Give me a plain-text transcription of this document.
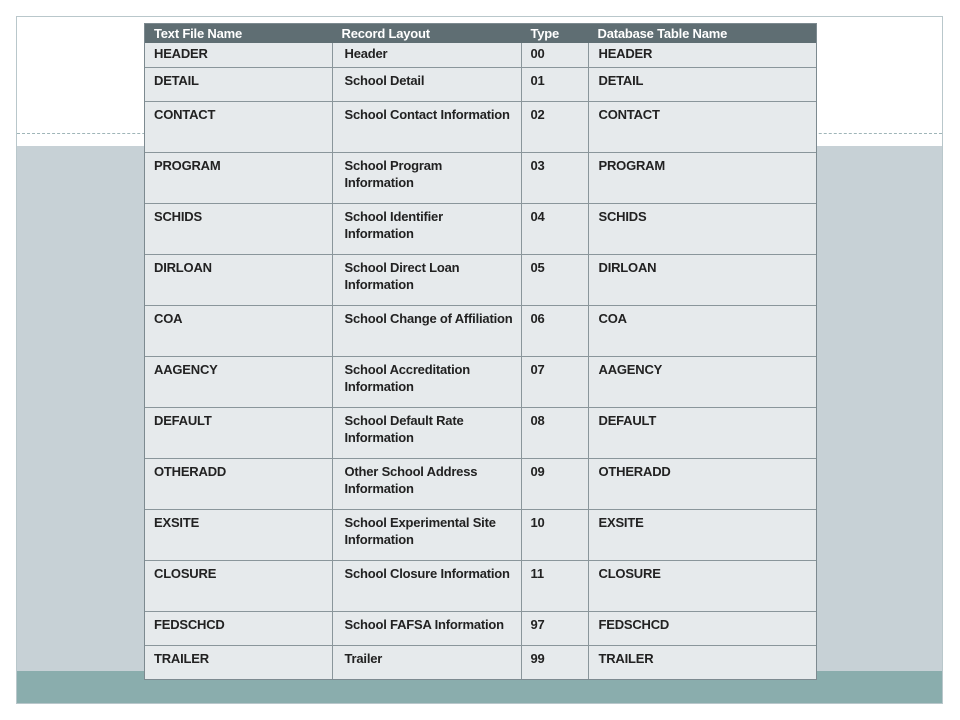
Text File Name	Record Layout	Type	Database Table Name
HEADER	Header	00	HEADER
DETAIL	School Detail	01	DETAIL
CONTACT	School Contact Information	02	CONTACT
PROGRAM	School Program Information	03	PROGRAM
SCHIDS	School Identifier Information	04	SCHIDS
DIRLOAN	School Direct Loan Information	05	DIRLOAN
COA	School Change of Affiliation	06	COA
AAGENCY	School Accreditation Information	07	AAGENCY
DEFAULT	School Default Rate Information	08	DEFAULT
OTHERADD	Other School Address Information	09	OTHERADD
EXSITE	School Experimental Site Information	10	EXSITE
CLOSURE	School Closure Information	11	CLOSURE
FEDSCHCD	School FAFSA Information	97	FEDSCHCD
TRAILER	Trailer	99	TRAILER
